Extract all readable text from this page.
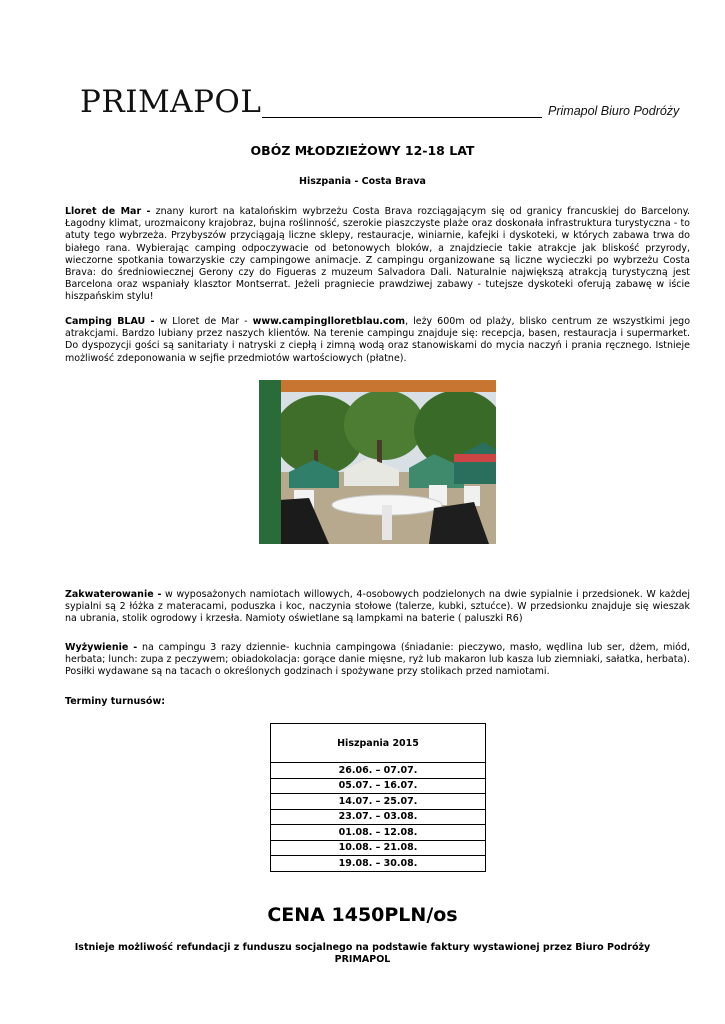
PRIMAPOL	Primapol Biuro Podróży
OBÓZ MŁODZIEŻOWY 12-18 LAT
Hiszpania - Costa Brava

Lloret de Mar - znany kurort na katalońskim wybrzeżu Costa Brava rozciągającym się od granicy francuskiej do Barcelony. Łagodny klimat, urozmaicony krajobraz, bujna roślinność, szerokie piaszczyste plaże oraz doskonała infrastruktura turystyczna - to atuty tego wybrzeża. Przybyszów przyciągają liczne sklepy, restauracje, winiarnie, kafejki i dyskoteki, w których zabawa trwa do białego rana. Wybierając camping odpoczywacie od betonowych bloków, a znajdziecie takie atrakcje jak bliskość przyrody, wieczorne spotkania towarzyskie czy campingowe animacje. Z campingu organizowane są liczne wycieczki po wybrzeżu Costa Brava: do średniowiecznej Gerony czy do Figueras z muzeum Salvadora Dali. Naturalnie największą atrakcją turystyczną jest Barcelona oraz wspaniały klasztor Montserrat. Jeżeli pragniecie prawdziwej zabawy - tutejsze dyskoteki oferują zabawę w iście hiszpańskim stylu!

Camping BLAU - w Lloret de Mar - www.campinglloretblau.com, leży 600m od plaży, blisko centrum ze wszystkimi jego atrakcjami. Bardzo lubiany przez naszych klientów. Na terenie campingu znajduje się: recepcja, basen, restauracja i supermarket. Do dyspozycji gości są sanitariaty i natryski z ciepłą i zimną wodą oraz stanowiskami do mycia naczyń i prania ręcznego. Istnieje możliwość zdeponowania w sejfie przedmiotów wartościowych (płatne).

Zakwaterowanie - w wyposażonych namiotach willowych, 4-osobowych podzielonych na dwie sypialnie i przedsionek. W każdej sypialni są 2 łóżka z materacami, poduszka i koc, naczynia stołowe (talerze, kubki, sztućce). W przedsionku znajduje się wieszak na ubrania, stolik ogrodowy i krzesła. Namioty oświetlane są lampkami na baterie ( paluszki R6)

Wyżywienie - na campingu 3 razy dziennie- kuchnia campingowa (śniadanie: pieczywo, masło, wędlina lub ser, dżem, miód, herbata; lunch: zupa z peczywem; obiadokolacja: gorące danie mięsne, ryż lub makaron lub kasza lub ziemniaki, sałatka, herbata). Posiłki wydawane są na tacach o określonych godzinach i spożywane przy stolikach przed namiotami.

Terminy turnusów:
Hiszpania 2015
26.06. – 07.07.
05.07. – 16.07.
14.07. – 25.07.
23.07. – 03.08.
01.08. – 12.08.
10.08. – 21.08.
19.08. – 30.08.
CENA 1450PLN/os
Istnieje możliwość refundacji z funduszu socjalnego na podstawie faktury wystawionej przez Biuro Podróży PRIMAPOL
